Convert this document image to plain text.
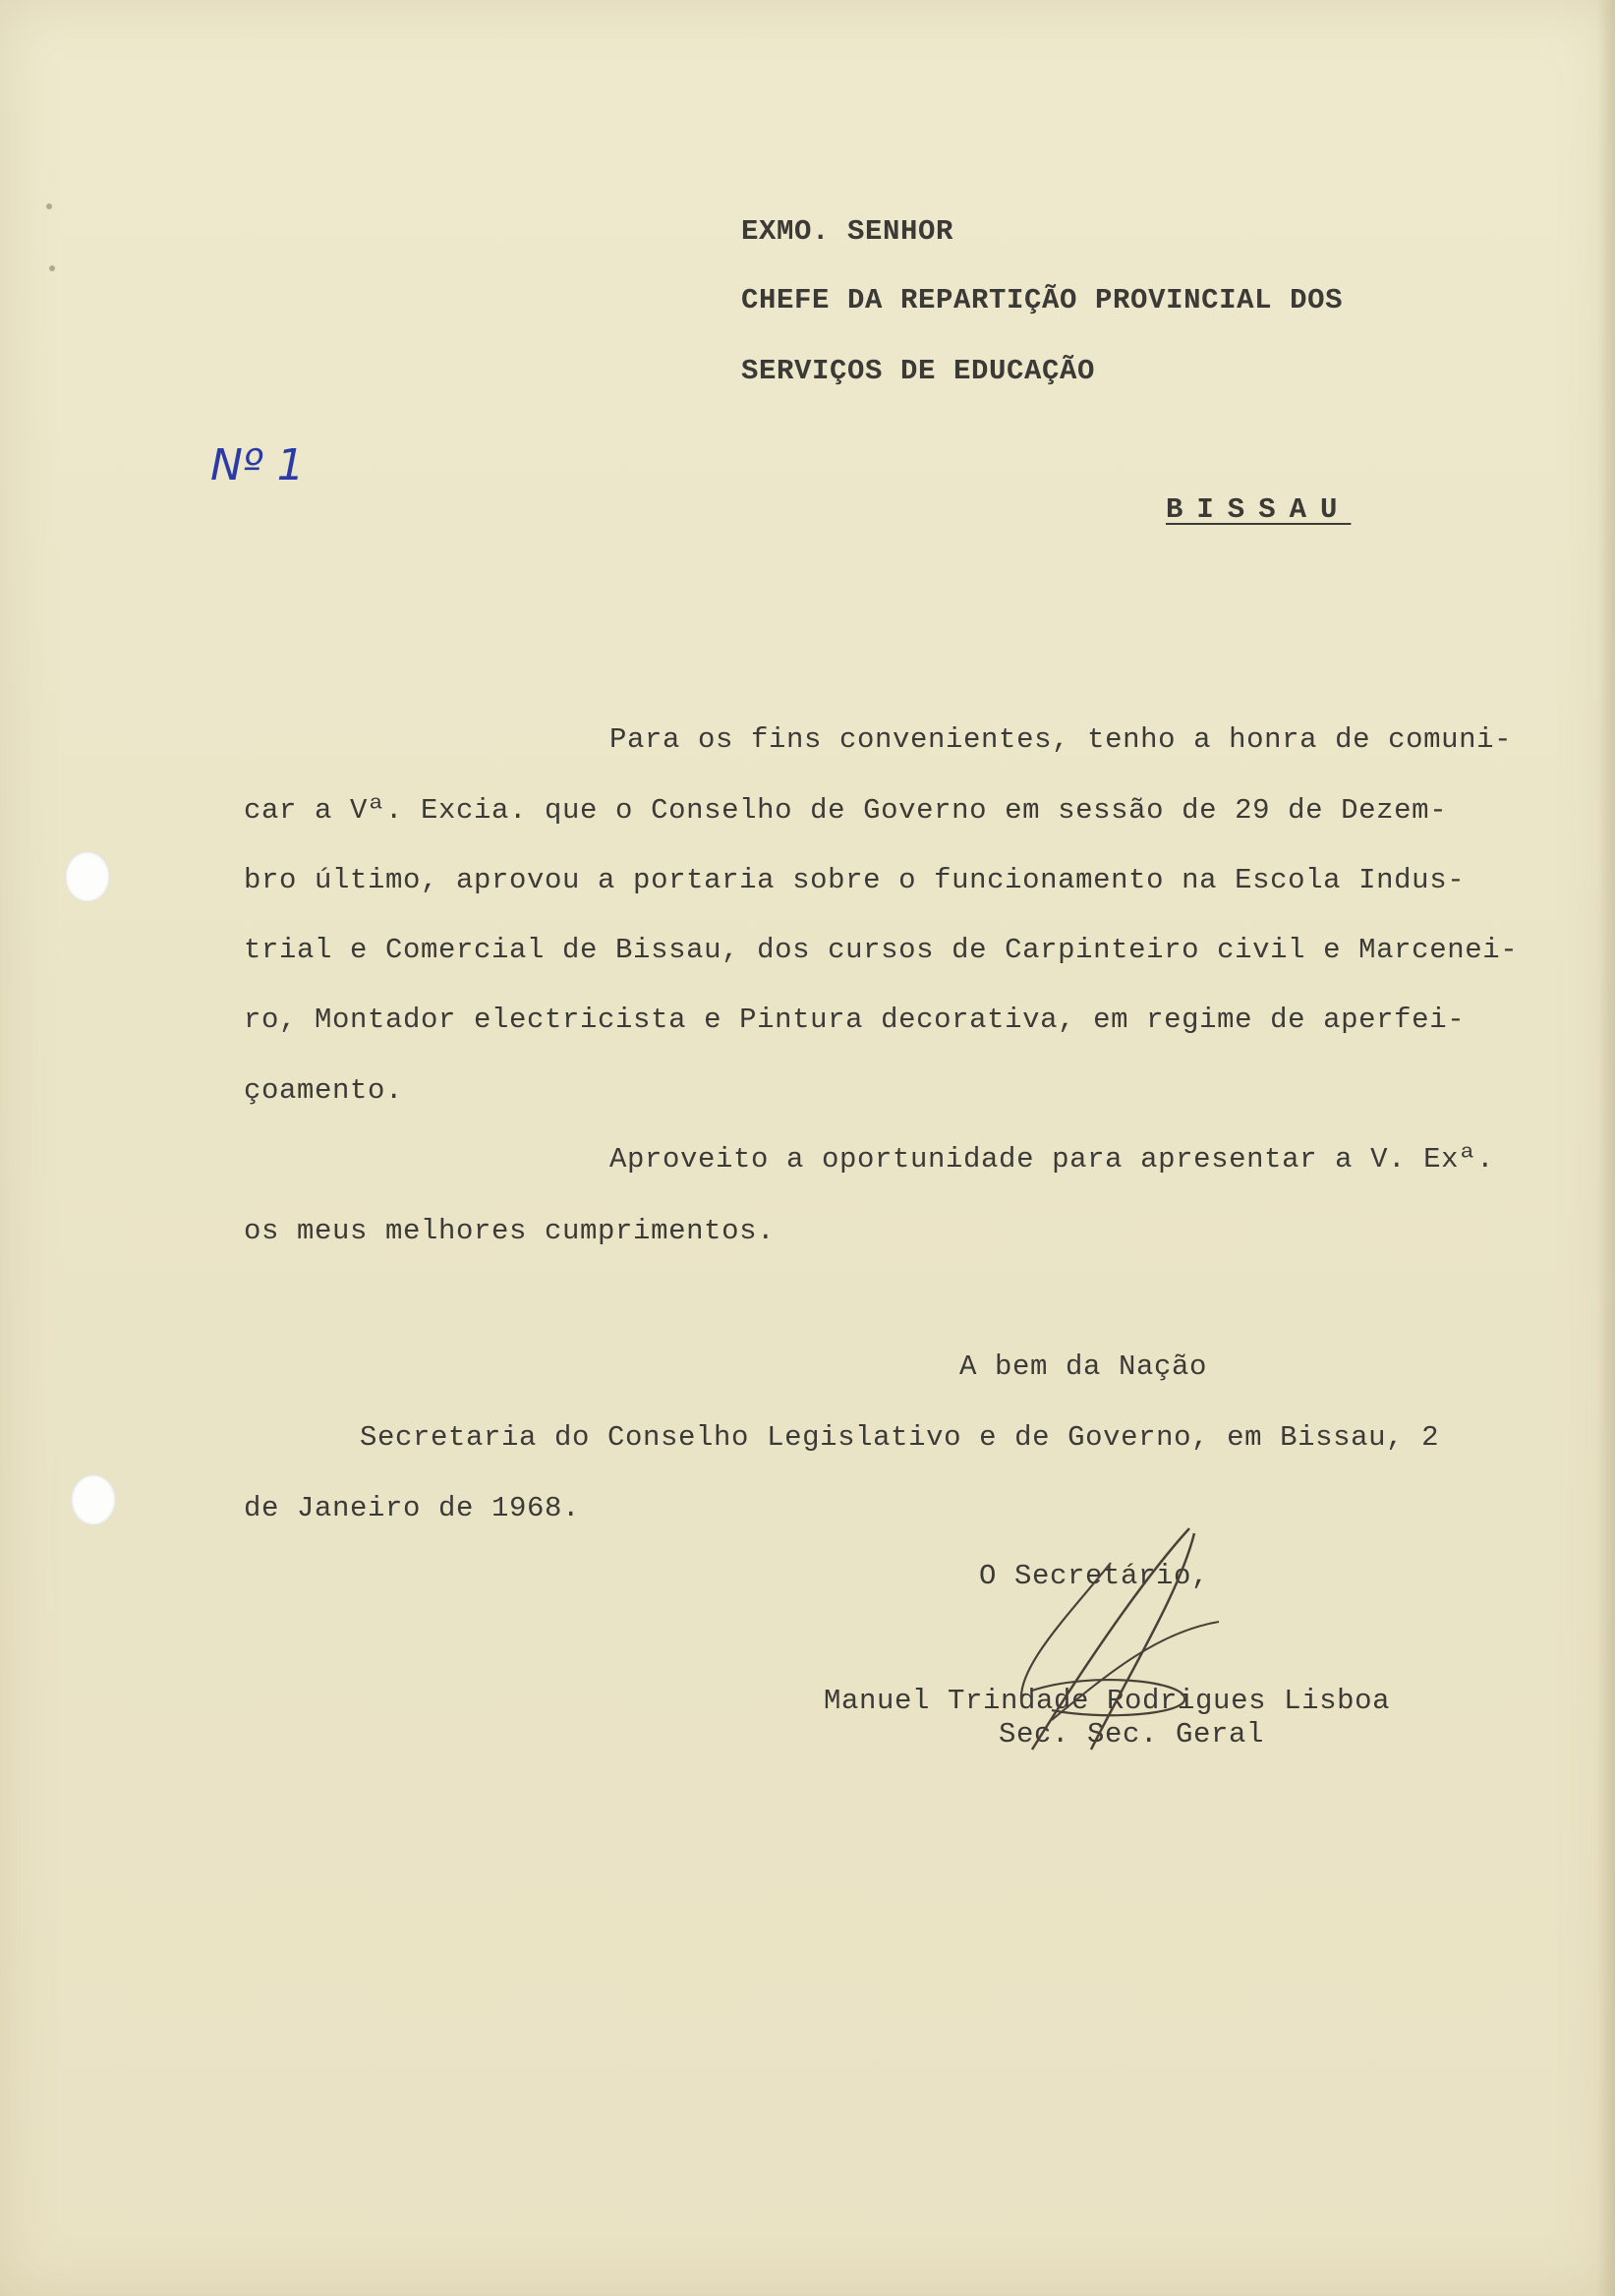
EXMO. SENHOR
CHEFE DA REPARTIÇÃO PROVINCIAL DOS
SERVIÇOS DE EDUCAÇÃO
Nº 1
BISSAU
Para os fins convenientes, tenho a honra de comuni-
car a Vª. Excia. que o Conselho de Governo em sessão de 29 de Dezem-
bro último, aprovou a portaria sobre o funcionamento na Escola Indus-
trial e Comercial de Bissau, dos cursos de Carpinteiro civil e Marcenei-
ro, Montador electricista e Pintura decorativa, em regime de aperfei-
çoamento.
Aproveito a oportunidade para apresentar a V. Exª.
os meus melhores cumprimentos.
A bem da Nação
Secretaria do Conselho Legislativo e de Governo, em Bissau, 2
de Janeiro de 1968.
O Secretário,
Manuel Trindade Rodrigues Lisboa
Sec. Sec. Geral
